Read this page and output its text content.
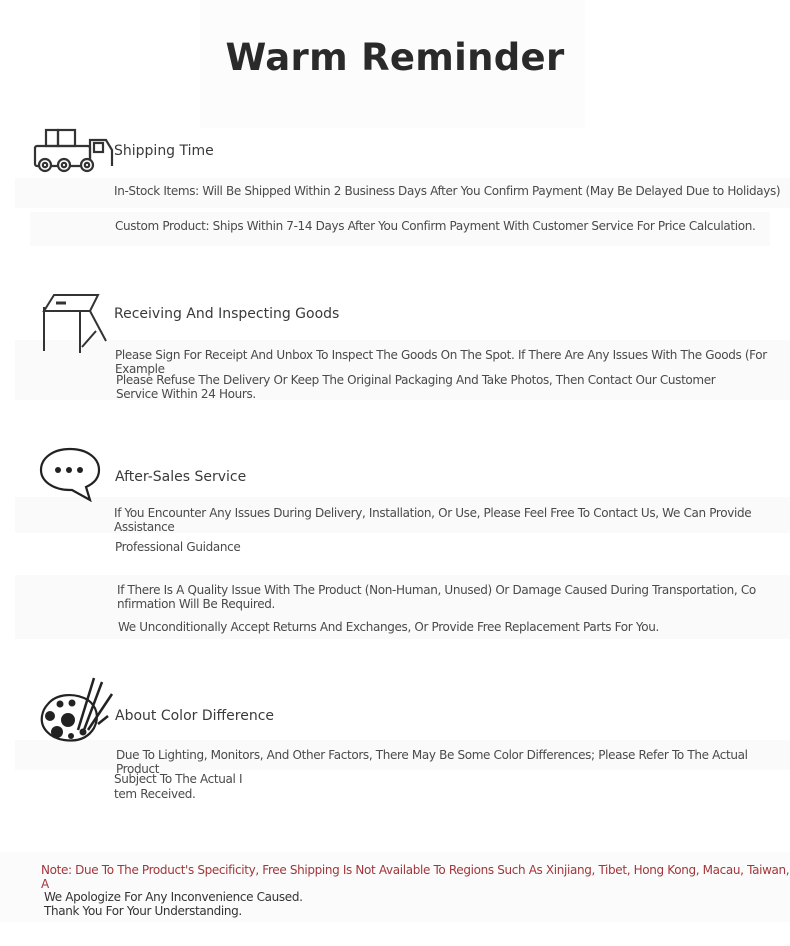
Warm Reminder
Shipping Time
In-Stock Items: Will Be Shipped Within 2 Business Days After You Confirm Payment (May Be Delayed Due to Holidays)
Custom Product: Ships Within 7-14 Days After You Confirm Payment With Customer Service For Price Calculation.
Receiving And Inspecting Goods
Please Sign For Receipt And Unbox To Inspect The Goods On The Spot. If There Are Any Issues With The Goods (For Example
Please Refuse The Delivery Or Keep The Original Packaging And Take Photos, Then Contact Our Customer
Service Within 24 Hours.
After-Sales Service
If You Encounter Any Issues During Delivery, Installation, Or Use, Please Feel Free To Contact Us, We Can Provide Assistance
Professional Guidance
If There Is A Quality Issue With The Product (Non-Human, Unused) Or Damage Caused During Transportation, Co
nfirmation Will Be Required.
We Unconditionally Accept Returns And Exchanges, Or Provide Free Replacement Parts For You.
About Color Difference
Due To Lighting, Monitors, And Other Factors, There May Be Some Color Differences; Please Refer To The Actual Product
Subject To The Actual I
tem Received.
Note: Due To The Product's Specificity, Free Shipping Is Not Available To Regions Such As Xinjiang, Tibet, Hong Kong, Macau, Taiwan, A
We Apologize For Any Inconvenience Caused.
Thank You For Your Understanding.
